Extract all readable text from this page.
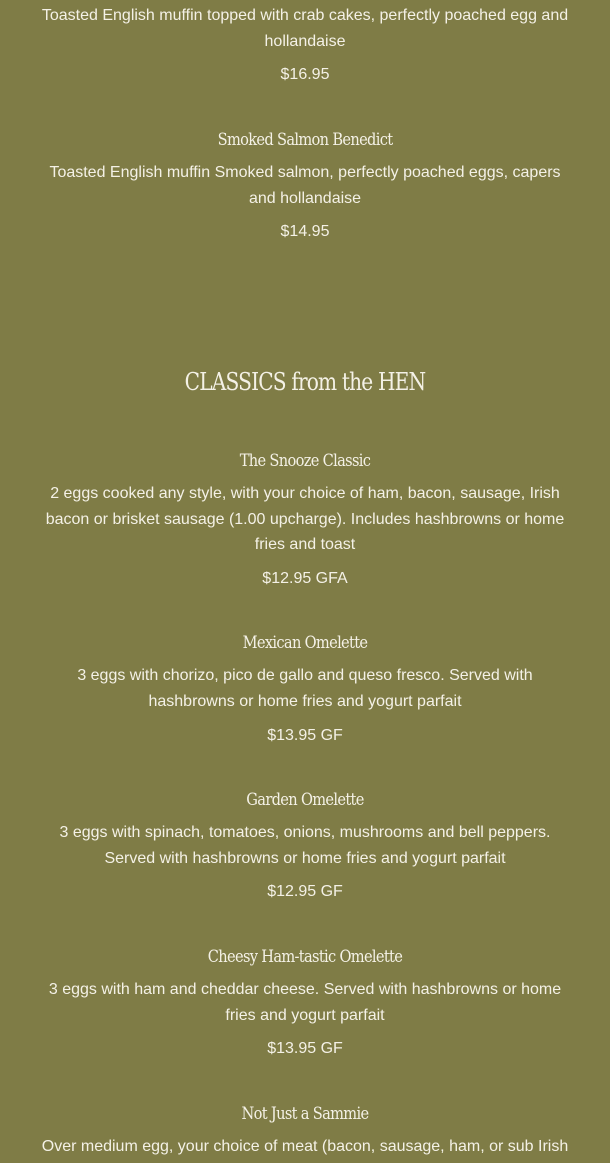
Toasted English muffin topped with crab cakes, perfectly poached egg and hollandaise
$16.95
Smoked Salmon Benedict
Toasted English muffin Smoked salmon, perfectly poached eggs, capers and hollandaise
$14.95
CLASSICS from the HEN
The Snooze Classic
2 eggs cooked any style, with your choice of ham, bacon, sausage, Irish bacon or brisket sausage (1.00 upcharge). Includes hashbrowns or home fries and toast
$12.95 GFA
Mexican Omelette
3 eggs with chorizo, pico de gallo and queso fresco. Served with hashbrowns or home fries and yogurt parfait
$13.95 GF
Garden Omelette
3 eggs with spinach, tomatoes, onions, mushrooms and bell peppers. Served with hashbrowns or home fries and yogurt parfait
$12.95 GF
Cheesy Ham-tastic Omelette
3 eggs with ham and cheddar cheese. Served with hashbrowns or home fries and yogurt parfait
$13.95 GF
Not Just a Sammie
Over medium egg, your choice of meat (bacon, sausage, ham, or sub Irish
